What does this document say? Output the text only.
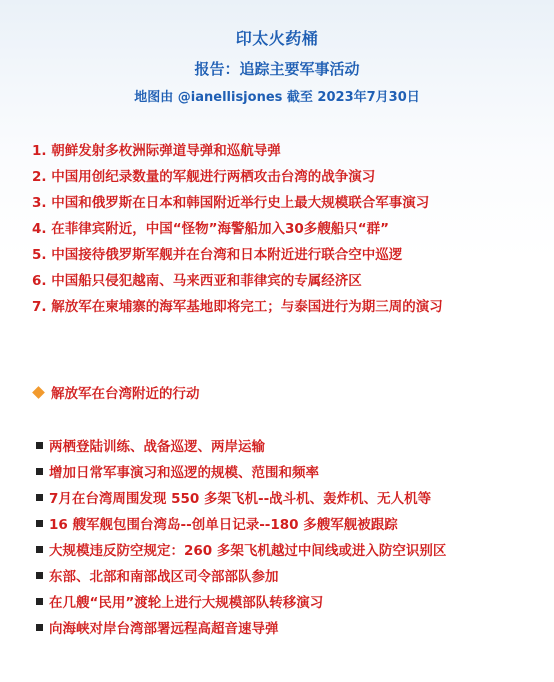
印太火药桶
报告：追踪主要军事活动
地图由 @ianellisjones 截至 2023年7月30日
1. 朝鲜发射多枚洲际弹道导弹和巡航导弹
2. 中国用创纪录数量的军舰进行两栖攻击台湾的战争演习
3. 中国和俄罗斯在日本和韩国附近举行史上最大规模联合军事演习
4. 在菲律宾附近，中国“怪物”海警船加入30多艘船只“群”
5. 中国接待俄罗斯军舰并在台湾和日本附近进行联合空中巡逻
6. 中国船只侵犯越南、马来西亚和菲律宾的专属经济区
7. 解放军在柬埔寨的海军基地即将完工；与泰国进行为期三周的演习
解放军在台湾附近的行动
两栖登陆训练、战备巡逻、两岸运输
增加日常军事演习和巡逻的规模、范围和频率
7月在台湾周围发现 550 多架飞机--战斗机、轰炸机、无人机等
16 艘军舰包围台湾岛--创单日记录--180 多艘军舰被跟踪
大规模违反防空规定：260 多架飞机越过中间线或进入防空识别区
东部、北部和南部战区司令部部队参加
在几艘“民用”渡轮上进行大规模部队转移演习
向海峡对岸台湾部署远程高超音速导弹
